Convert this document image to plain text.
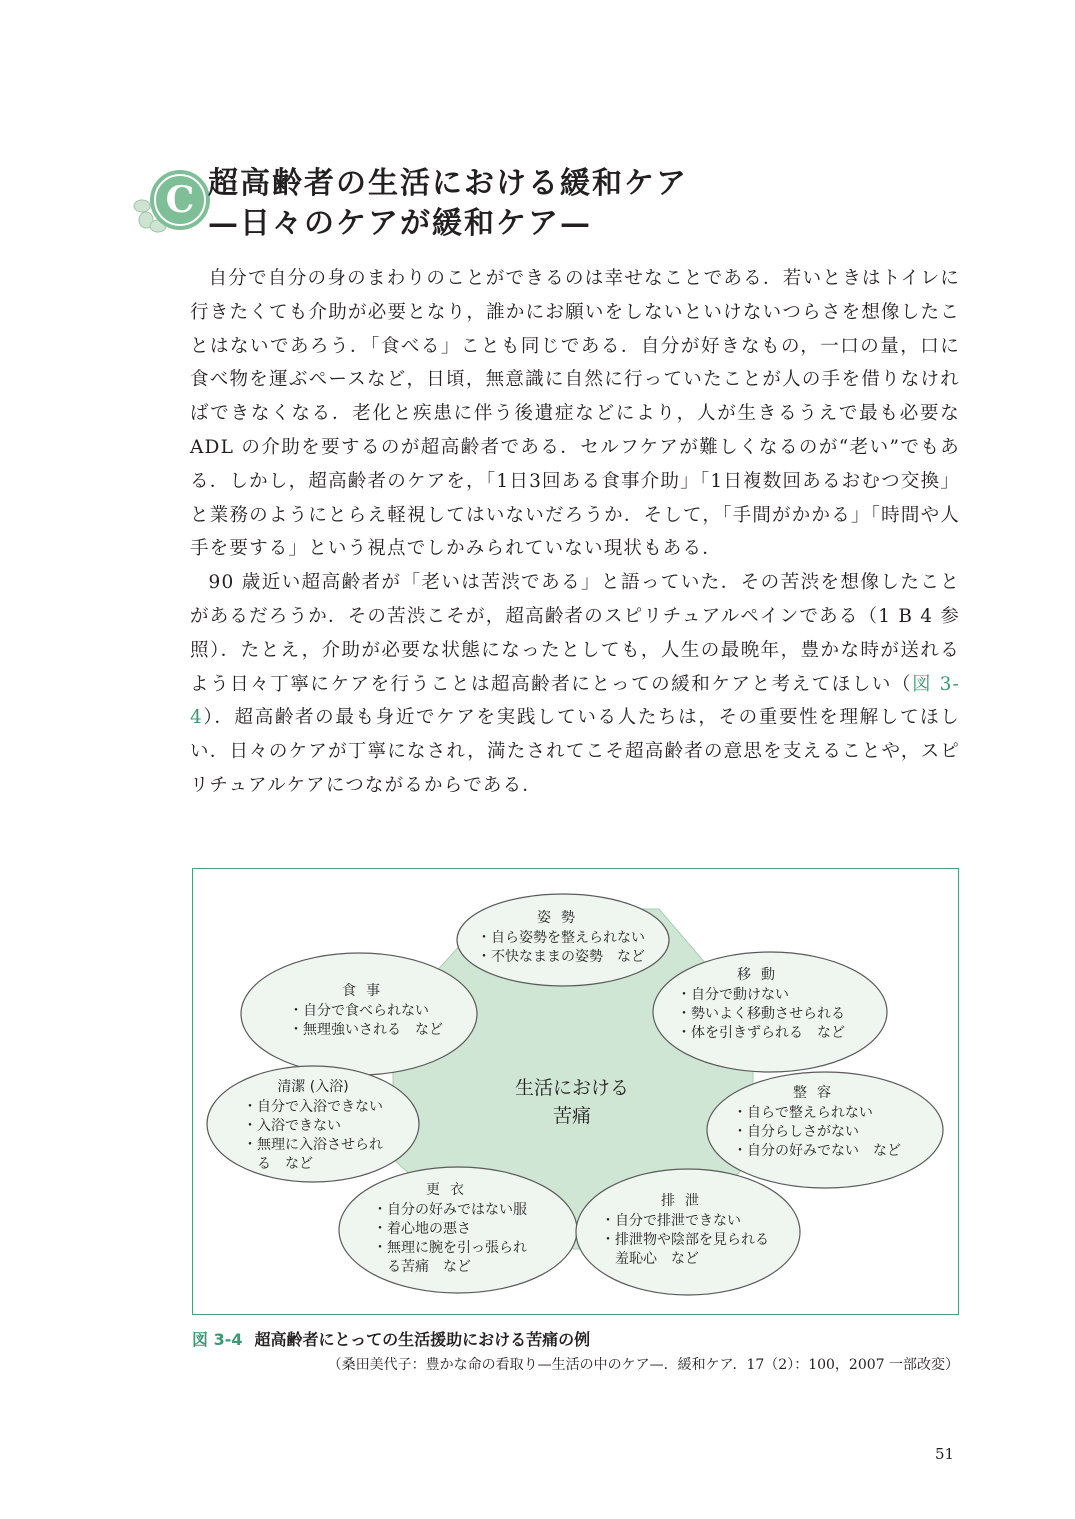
C 超高齢者の生活における緩和ケア
—日々のケアが緩和ケア—

自分で自分の身のまわりのことができるのは幸せなことである．若いときはトイレに行きたくても介助が必要となり，誰かにお願いをしないといけないつらさを想像したことはないであろう．「食べる」ことも同じである．自分が好きなもの，一口の量，口に食べ物を運ぶペースなど，日頃，無意識に自然に行っていたことが人の手を借りなければできなくなる．老化と疾患に伴う後遺症などにより，人が生きるうえで最も必要な ADL の介助を要するのが超高齢者である．セルフケアが難しくなるのが“老い”でもある．しかし，超高齢者のケアを，「1日3回ある食事介助」「1日複数回あるおむつ交換」と業務のようにとらえ軽視してはいないだろうか．そして，「手間がかかる」「時間や人手を要する」という視点でしかみられていない現状もある．

90 歳近い超高齢者が「老いは苦渋である」と語っていた．その苦渋を想像したことがあるだろうか．その苦渋こそが，超高齢者のスピリチュアルペインである（1 B 4 参照）．たとえ，介助が必要な状態になったとしても，人生の最晩年，豊かな時が送れるよう日々丁寧にケアを行うことは超高齢者にとっての緩和ケアと考えてほしい（図 3-4）．超高齢者の最も身近でケアを実践している人たちは，その重要性を理解してほしい．日々のケアが丁寧になされ，満たされてこそ超高齢者の意思を支えることや，スピリチュアルケアにつながるからである．

生活における
苦痛
姿勢
・自ら姿勢を整えられない
・不快なままの姿勢　など
食事
・自分で食べられない
・無理強いされる　など
移動
・自分で動けない
・勢いよく移動させられる
・体を引きずられる　など
清潔 (入浴)
・自分で入浴できない
・入浴できない
・無理に入浴させられ
　る　など
整容
・自らで整えられない
・自分らしさがない
・自分の好みでない　など
更衣
・自分の好みではない服
・着心地の悪さ
・無理に腕を引っ張られ
　る苦痛　など
排泄
・自分で排泄できない
・排泄物や陰部を見られる
　羞恥心　など
図 3-4 超高齢者にとっての生活援助における苦痛の例
（桑田美代子：豊かな命の看取り—生活の中のケア—．緩和ケア．17（2）：100，2007 一部改変）
51
